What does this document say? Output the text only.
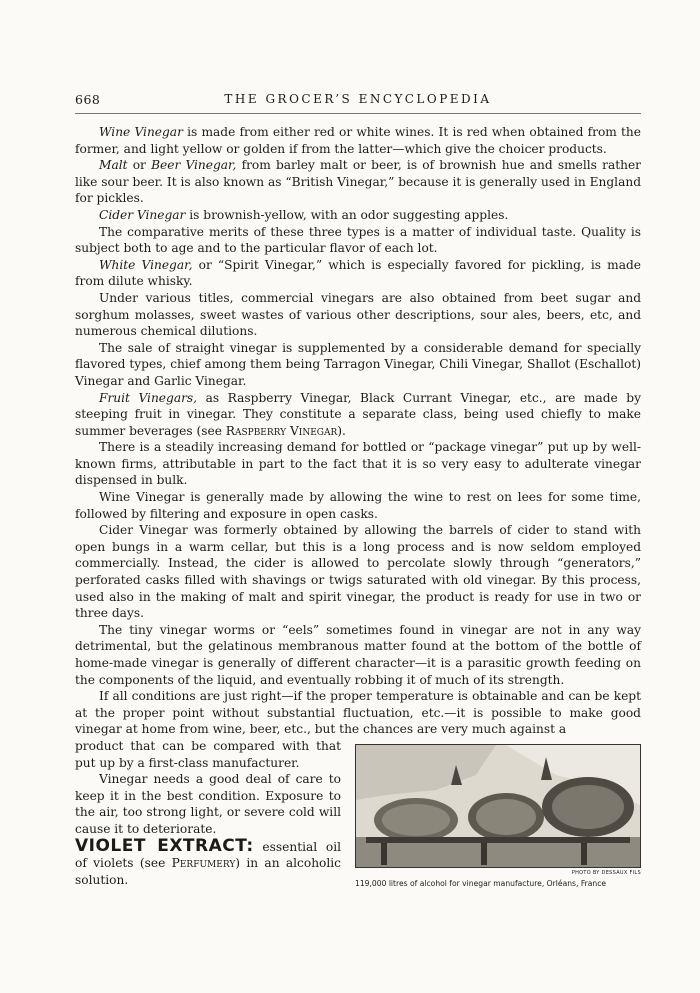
668	THE GROCER’S ENCYCLOPEDIA

Wine Vinegar is made from either red or white wines. It is red when obtained from the former, and light yellow or golden if from the latter—which give the choicer products.

Malt or Beer Vinegar, from barley malt or beer, is of brownish hue and smells rather like sour beer. It is also known as “British Vinegar,” because it is generally used in England for pickles.

Cider Vinegar is brownish-yellow, with an odor suggesting apples.

The comparative merits of these three types is a matter of individual taste. Quality is subject both to age and to the particular flavor of each lot.

White Vinegar, or “Spirit Vinegar,” which is especially favored for pickling, is made from dilute whisky.

Under various titles, commercial vinegars are also obtained from beet sugar and sorghum molasses, sweet wastes of various other descriptions, sour ales, beers, etc, and numerous chemical dilutions.

The sale of straight vinegar is supplemented by a considerable demand for specially flavored types, chief among them being Tarragon Vinegar, Chili Vinegar, Shallot (Eschallot) Vinegar and Garlic Vinegar.

Fruit Vinegars, as Raspberry Vinegar, Black Currant Vinegar, etc., are made by steeping fruit in vinegar. They constitute a separate class, being used chiefly to make summer beverages (see Raspberry Vinegar).

There is a steadily increasing demand for bottled or “package vinegar” put up by well-known firms, attributable in part to the fact that it is so very easy to adulterate vinegar dispensed in bulk.

Wine Vinegar is generally made by allowing the wine to rest on lees for some time, followed by filtering and exposure in open casks.

Cider Vinegar was formerly obtained by allowing the barrels of cider to stand with open bungs in a warm cellar, but this is a long process and is now seldom employed commercially. Instead, the cider is allowed to percolate slowly through “generators,” perforated casks filled with shavings or twigs saturated with old vinegar. By this process, used also in the making of malt and spirit vinegar, the product is ready for use in two or three days.

The tiny vinegar worms or “eels” sometimes found in vinegar are not in any way detrimental, but the gelatinous membranous matter found at the bottom of the bottle of home-made vinegar is generally of different character—it is a parasitic growth feeding on the components of the liquid, and eventually robbing it of much of its strength.

If all conditions are just right—if the proper temperature is obtainable and can be kept at the proper point without substantial fluctuation, etc.—it is possible to make good vinegar at home from wine, beer, etc., but the chances are very much against a

product that can be compared with that put up by a first-class manufacturer.

Vinegar needs a good deal of care to keep it in the best condition. Exposure to the air, too strong light, or severe cold will cause it to deteriorate.

VIOLET EXTRACT: essential oil of violets (see Perfumery) in an alcoholic solution.	PHOTO BY DESSAUX FILS
119,000 litres of alcohol for vinegar manufacture, Orléans, France
